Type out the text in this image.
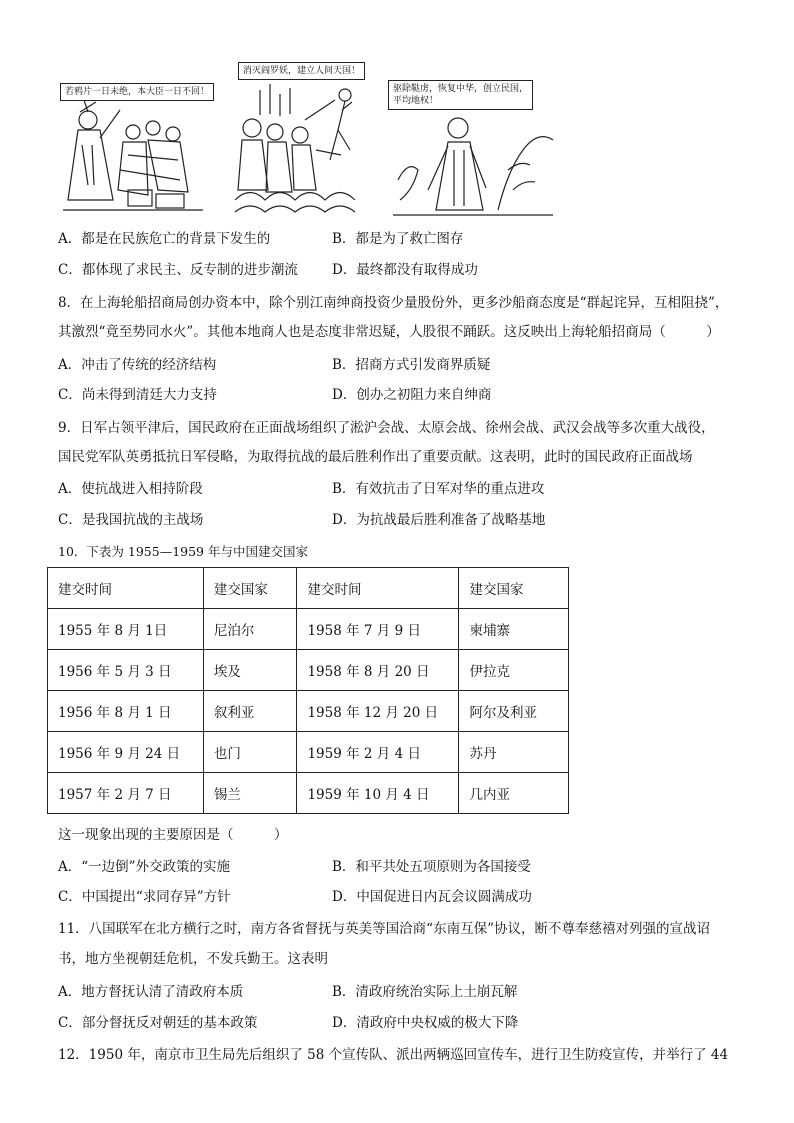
若鸦片一日未绝，本大臣一日不回！
消灭阎罗妖，建立人间天国！
驱除鞑虏，恢复中华，创立民国，
平均地权！
A．都是在民族危亡的背景下发生的	B．都是为了救亡图存
C．都体现了求民主、反专制的进步潮流	D．最终都没有取得成功
8．在上海轮船招商局创办资本中，除个别江南绅商投资少量股份外，更多沙船商态度是“群起诧异，互相阻挠”，
其激烈“竟至势同水火”。其他本地商人也是态度非常迟疑，人股很不踊跃。这反映出上海轮船招商局（　　　）
A．冲击了传统的经济结构	B．招商方式引发商界质疑
C．尚未得到清廷大力支持	D．创办之初阻力来自绅商
9．日军占领平津后，国民政府在正面战场组织了淞沪会战、太原会战、徐州会战、武汉会战等多次重大战役，
国民党军队英勇抵抗日军侵略，为取得抗战的最后胜利作出了重要贡献。这表明，此时的国民政府正面战场
A．使抗战进入相持阶段	B．有效抗击了日军对华的重点进攻
C．是我国抗战的主战场	D．为抗战最后胜利准备了战略基地
10．下表为 1955—1959 年与中国建交国家
建交时间	建交国家	建交时间	建交国家
1955 年 8 月 1日	尼泊尔	1958 年 7 月 9 日	柬埔寨
1956 年 5 月 3 日	埃及	1958 年 8 月 20 日	伊拉克
1956 年 8 月 1 日	叙利亚	1958 年 12 月 20 日	阿尔及利亚
1956 年 9 月 24 日	也门	1959 年 2 月 4 日	苏丹
1957 年 2 月 7 日	锡兰	1959 年 10 月 4 日	几内亚
这一现象出现的主要原因是（　　　）
A．“一边倒”外交政策的实施	B．和平共处五项原则为各国接受
C．中国提出“求同存异”方针	D．中国促进日内瓦会议圆满成功
11．八国联军在北方横行之时，南方各省督抚与英美等国洽商“东南互保”协议，断不尊奉慈禧对列强的宣战诏
书，地方坐视朝廷危机，不发兵勤王。这表明
A．地方督抚认清了清政府本质	B．清政府统治实际上土崩瓦解
C．部分督抚反对朝廷的基本政策	D．清政府中央权威的极大下降
12．1950 年，南京市卫生局先后组织了 58 个宣传队、派出两辆巡回宣传车，进行卫生防疫宣传，并举行了 44
